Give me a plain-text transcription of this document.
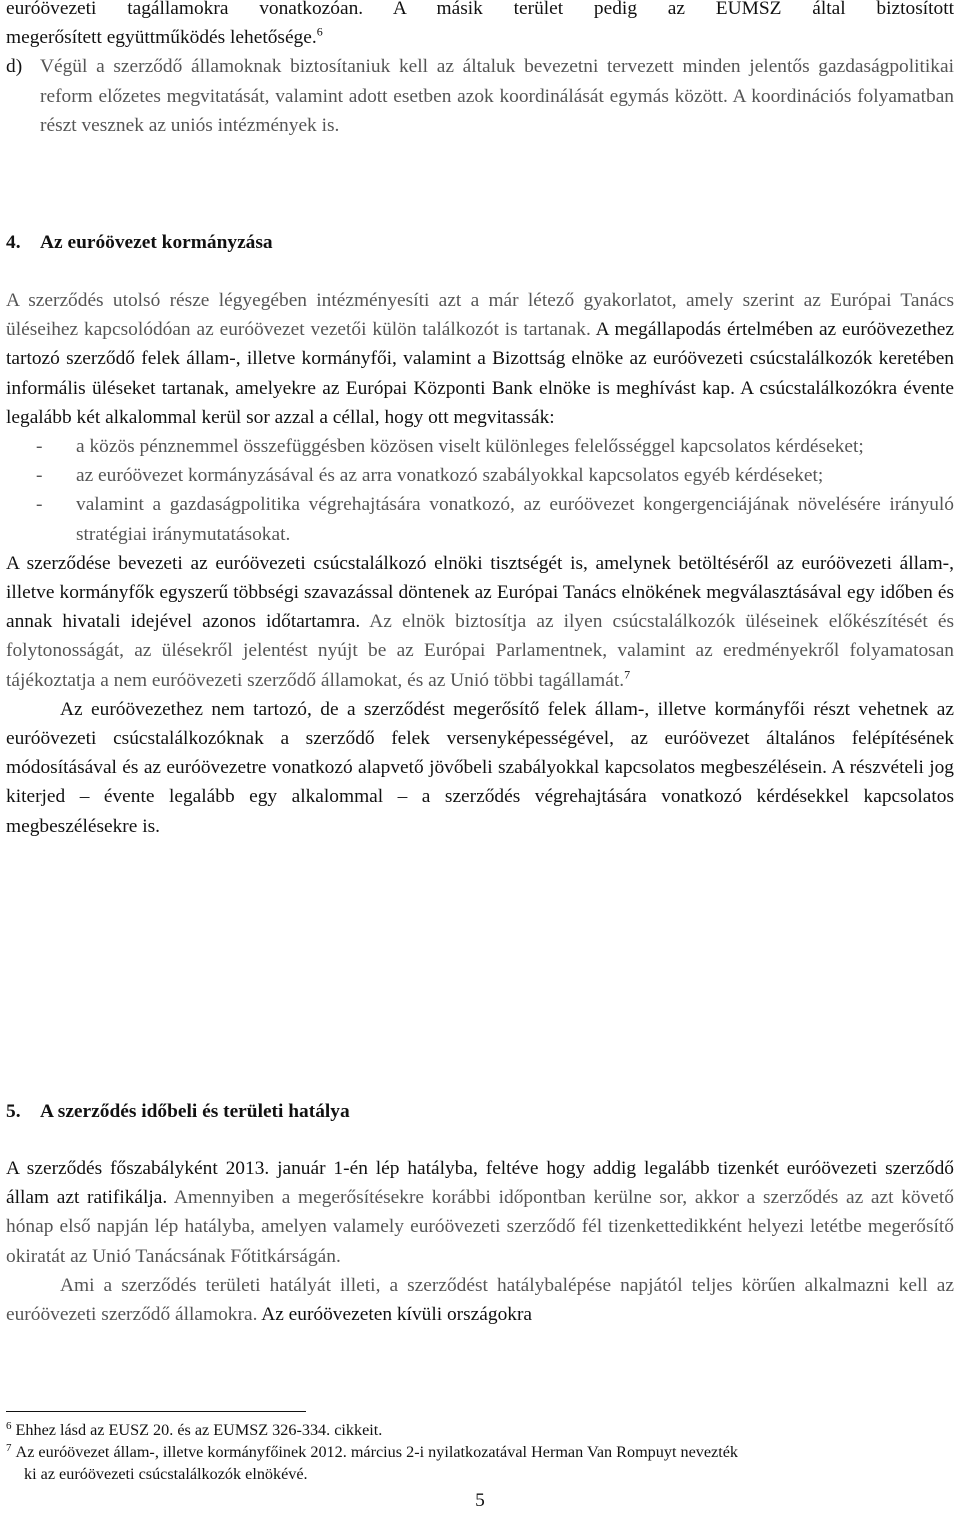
euróövezeti tagállamokra vonatkozóan. A másik terület pedig az EUMSZ által biztosított

megerősített együttműködés lehetősége.$^6$

d) Végül a szerződő államoknak biztosítaniuk kell az általuk bevezetni tervezett minden jelentős gazdaságpolitikai reform előzetes megvitatását, valamint adott esetben azok koordinálását egymás között. A koordinációs folyamatban részt vesznek az uniós intézmények is.

4. Az euróövezet kormányzása

A szerződés utolsó része légyegében intézményesíti azt a már létező gyakorlatot, amely szerint az Európai Tanács üléseihez kapcsolódóan az euróövezet vezetői külön találkozót is tartanak. A megállapodás értelmében az euróövezethez tartozó szerződő felek állam-, illetve kormányfői, valamint a Bizottság elnöke az euróövezeti csúcstalálkozók keretében informális üléseket tartanak, amelyekre az Európai Központi Bank elnöke is meghívást kap. A csúcstalálkozókra évente legalább két alkalommal kerül sor azzal a céllal, hogy ott megvitassák:

- a közös pénznemmel összefüggésben közösen viselt különleges felelősséggel kapcsolatos kérdéseket;

- az euróövezet kormányzásával és az arra vonatkozó szabályokkal kapcsolatos egyéb kérdéseket;

- valamint a gazdaságpolitika végrehajtására vonatkozó, az euróövezet kongergenciájának növelésére irányuló stratégiai iránymutatásokat.

A szerződése bevezeti az euróövezeti csúcstalálkozó elnöki tisztségét is, amelynek betöltéséről az euróövezeti állam-, illetve kormányfők egyszerű többségi szavazással döntenek az Európai Tanács elnökének megválasztásával egy időben és annak hivatali idejével azonos időtartamra. Az elnök biztosítja az ilyen csúcstalálkozók üléseinek előkészítését és folytonosságát, az ülésekről jelentést nyújt be az Európai Parlamentnek, valamint az eredményekről folyamatosan tájékoztatja a nem euróövezeti szerződő államokat, és az Unió többi tagállamát.$^7$

Az euróövezethez nem tartozó, de a szerződést megerősítő felek állam-, illetve kormányfői részt vehetnek az euróövezeti csúcstalálkozóknak a szerződő felek versenyképességével, az euróövezet általános felépítésének módosításával és az euróövezetre vonatkozó alapvető jövőbeli szabályokkal kapcsolatos megbeszélésein. A részvételi jog kiterjed – évente legalább egy alkalommal – a szerződés végrehajtására vonatkozó kérdésekkel kapcsolatos megbeszélésekre is.

5. A szerződés időbeli és területi hatálya

A szerződés főszabályként 2013. január 1-én lép hatályba, feltéve hogy addig legalább tizenkét euróövezeti szerződő állam azt ratifikálja. Amennyiben a megerősítésekre korábbi időpontban kerülne sor, akkor a szerződés az azt követő hónap első napján lép hatályba, amelyen valamely euróövezeti szerződő fél tizenkettedikként helyezi letétbe megerősítő okiratát az Unió Tanácsának Főtitkárságán.

Ami a szerződés területi hatályát illeti, a szerződést hatálybalépése napjától teljes körűen alkalmazni kell az euróövezeti szerződő államokra. Az euróövezeten kívüli országokra

$^6$ Ehhez lásd az EUSZ 20. és az EUMSZ 326-334. cikkeit.
$^7$ Az euróövezet állam-, illetve kormányfőinek 2012. március 2-i nyilatkozatával Herman Van Rompuyt nevezték
ki az euróövezeti csúcstalálkozók elnökévé.
5
